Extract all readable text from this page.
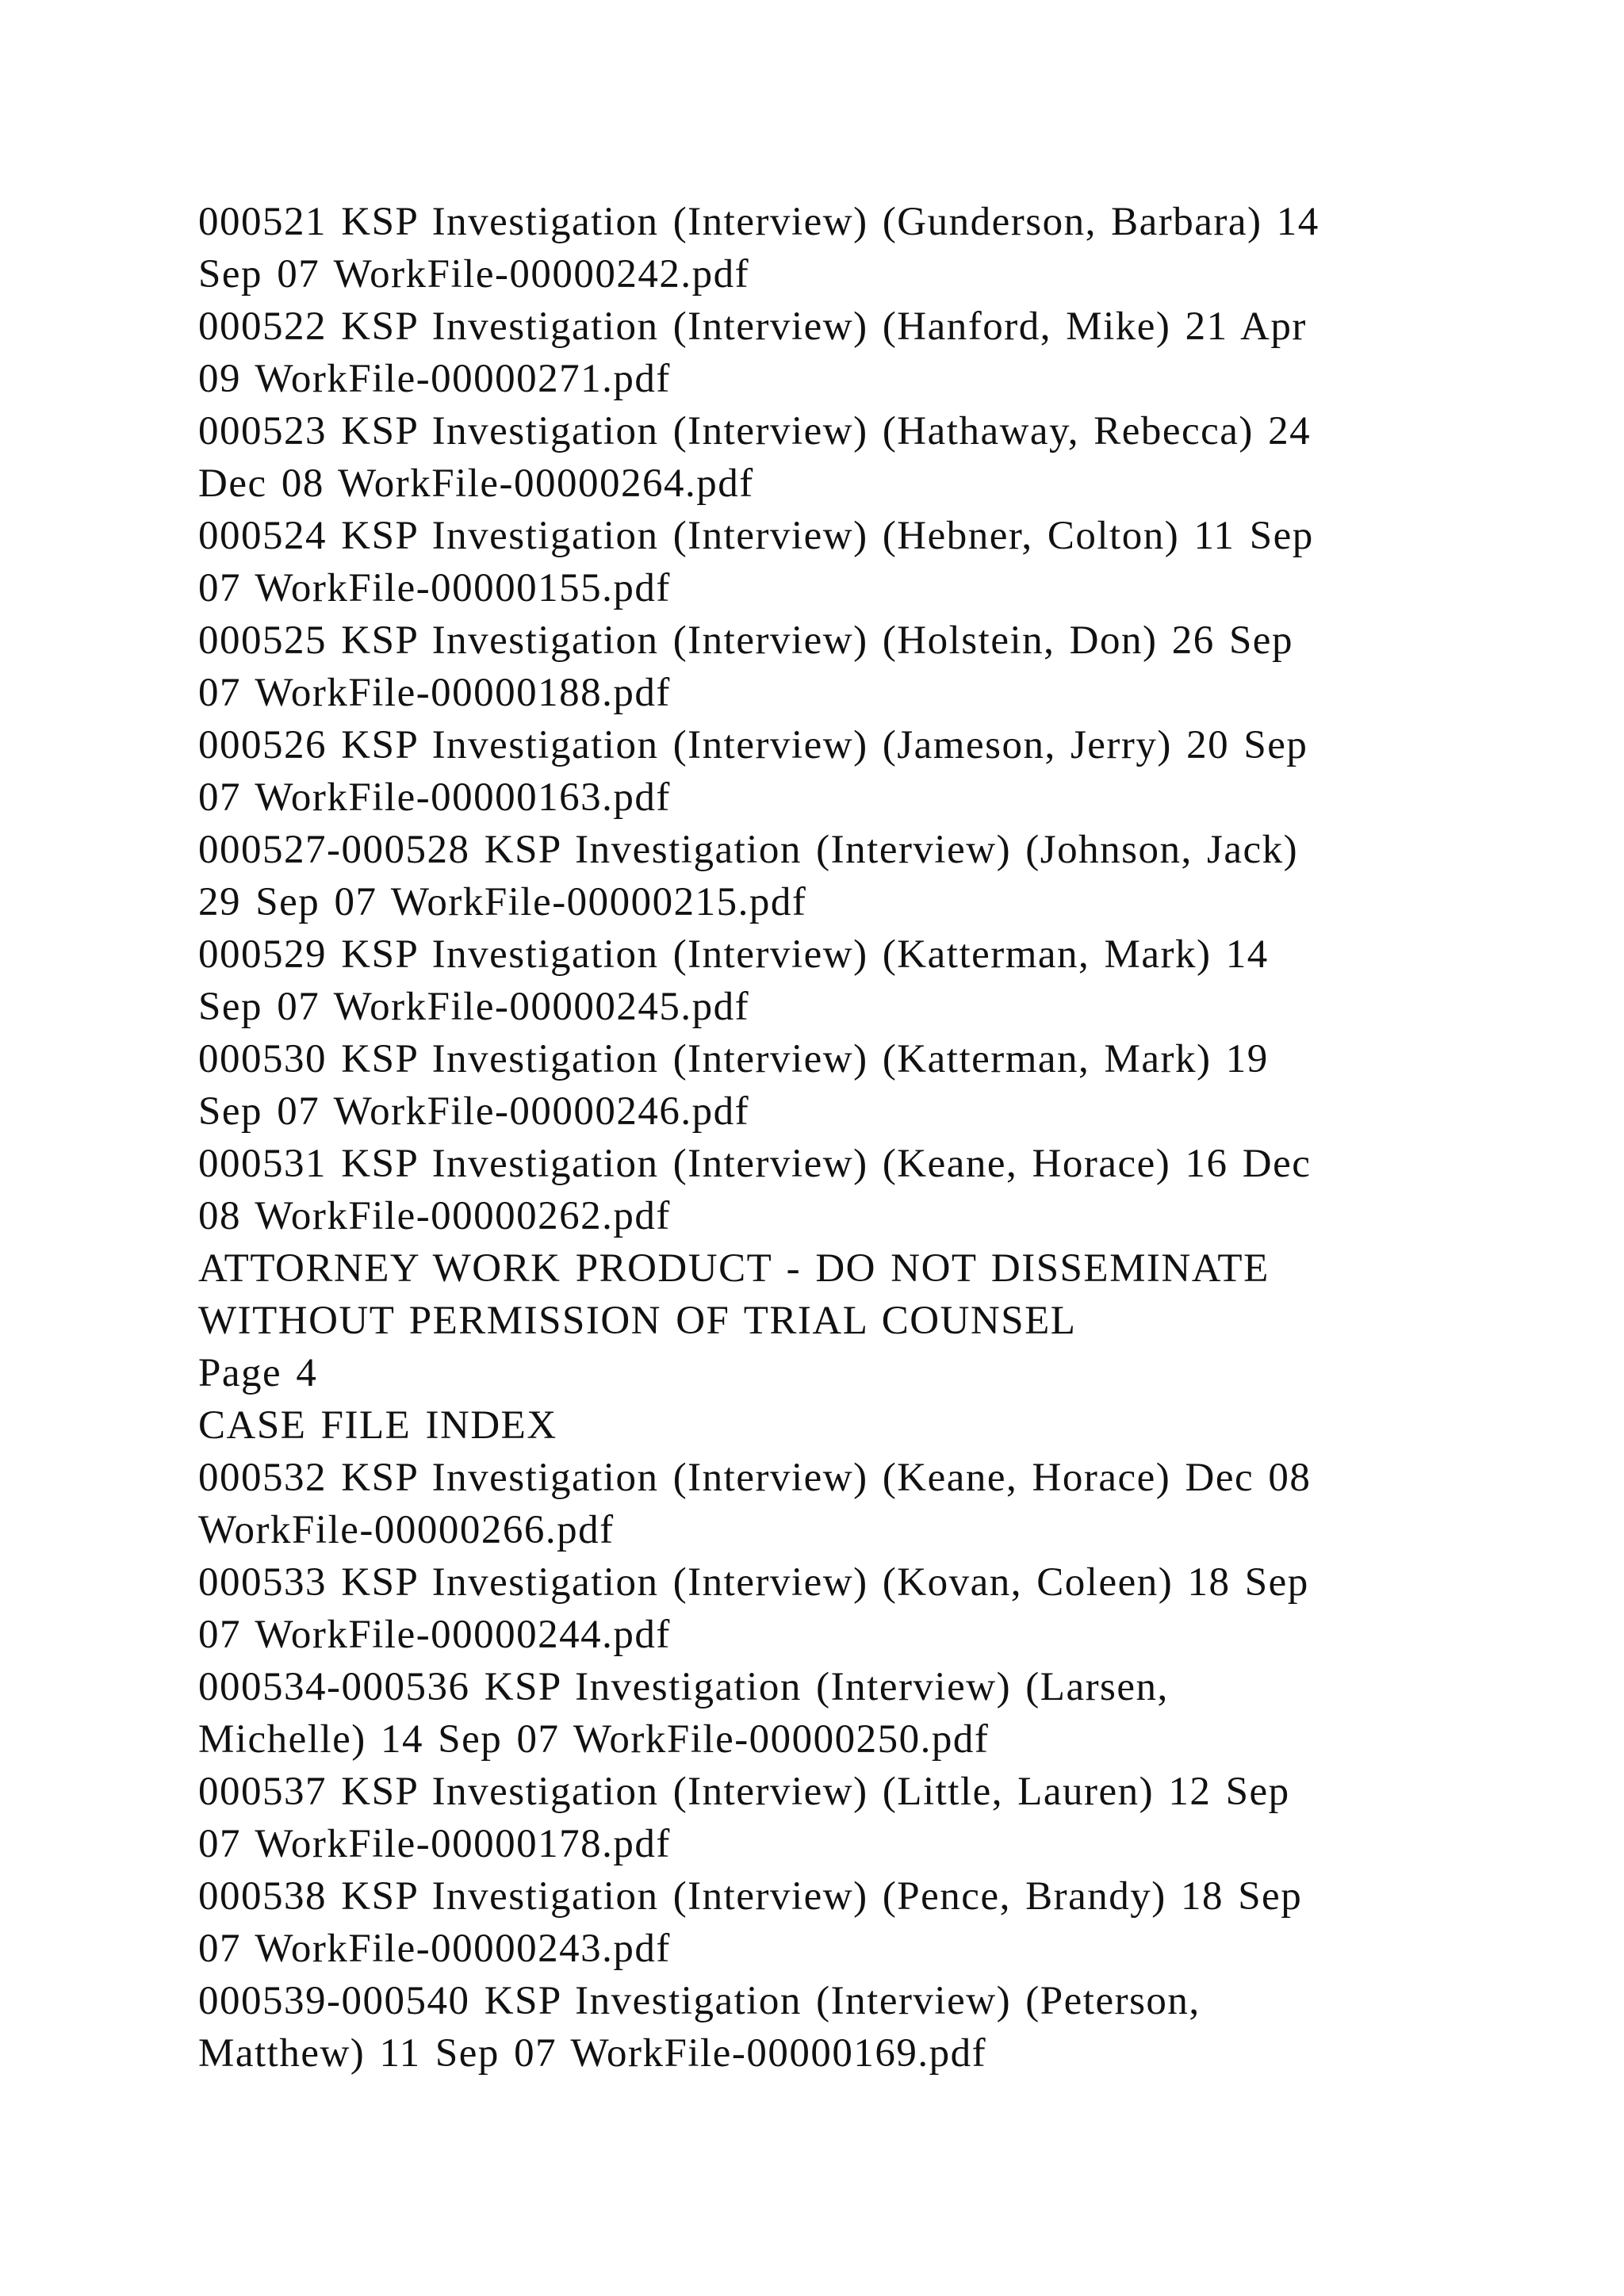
000521 KSP Investigation (Interview) (Gunderson, Barbara) 14
Sep 07 WorkFile-00000242.pdf
000522 KSP Investigation (Interview) (Hanford, Mike) 21 Apr
09 WorkFile-00000271.pdf
000523 KSP Investigation (Interview) (Hathaway, Rebecca) 24
Dec 08 WorkFile-00000264.pdf
000524 KSP Investigation (Interview) (Hebner, Colton) 11 Sep
07 WorkFile-00000155.pdf
000525 KSP Investigation (Interview) (Holstein, Don) 26 Sep
07 WorkFile-00000188.pdf
000526 KSP Investigation (Interview) (Jameson, Jerry) 20 Sep
07 WorkFile-00000163.pdf
000527-000528 KSP Investigation (Interview) (Johnson, Jack)
29 Sep 07 WorkFile-00000215.pdf
000529 KSP Investigation (Interview) (Katterman, Mark) 14
Sep 07 WorkFile-00000245.pdf
000530 KSP Investigation (Interview) (Katterman, Mark) 19
Sep 07 WorkFile-00000246.pdf
000531 KSP Investigation (Interview) (Keane, Horace) 16 Dec
08 WorkFile-00000262.pdf
ATTORNEY WORK PRODUCT - DO NOT DISSEMINATE
WITHOUT PERMISSION OF TRIAL COUNSEL
Page 4
CASE FILE INDEX
000532 KSP Investigation (Interview) (Keane, Horace) Dec 08
WorkFile-00000266.pdf
000533 KSP Investigation (Interview) (Kovan, Coleen) 18 Sep
07 WorkFile-00000244.pdf
000534-000536 KSP Investigation (Interview) (Larsen,
Michelle) 14 Sep 07 WorkFile-00000250.pdf
000537 KSP Investigation (Interview) (Little, Lauren) 12 Sep
07 WorkFile-00000178.pdf
000538 KSP Investigation (Interview) (Pence, Brandy) 18 Sep
07 WorkFile-00000243.pdf
000539-000540 KSP Investigation (Interview) (Peterson,
Matthew) 11 Sep 07 WorkFile-00000169.pdf
